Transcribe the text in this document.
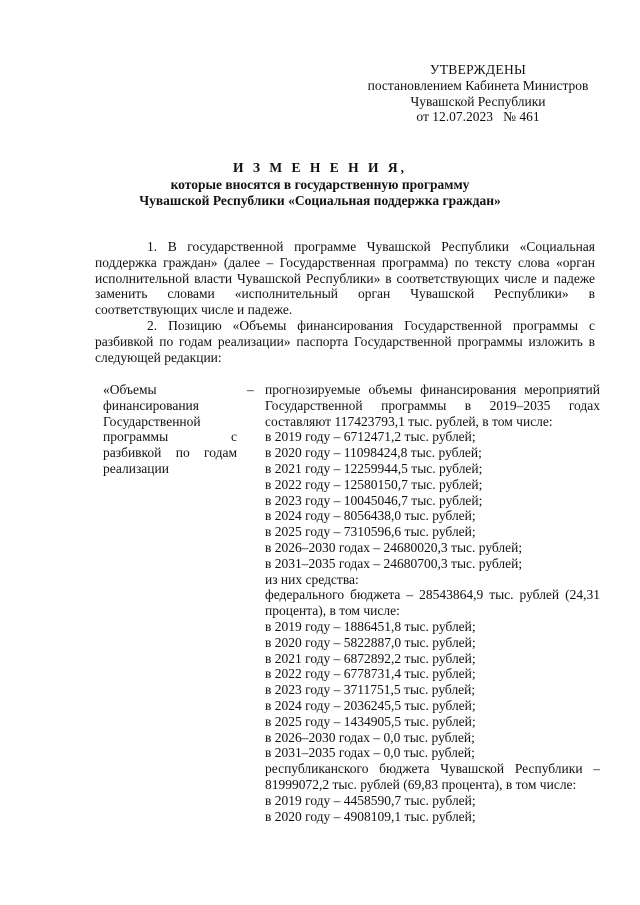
УТВЕРЖДЕНЫ
постановлением Кабинета Министров
Чувашской Республики
от 12.07.2023   № 461
И З М Е Н Е Н И Я,
которые вносятся в государственную программу
Чувашской Республики «Социальная поддержка граждан»

1. В государственной программе Чувашской Республики «Социальная поддержка граждан» (далее – Государственная программа) по тексту слова «орган исполнительной власти Чувашской Республики» в соответствующих числе и падеже заменить словами «исполнительный орган Чувашской Республики» в соответствующих числе и падеже.

2. Позицию «Объемы финансирования Государственной программы с разбивкой по годам реализации» паспорта Государственной программы изложить в следующей редакции:

«Объемы финансирования Государственной программы с разбивкой по годам реализации
– прогнозируемые объемы финансирования мероприятий Государственной программы в 2019–2035 годах составляют 117423793,1 тыс. рублей, в том числе:
в 2019 году – 6712471,2 тыс. рублей;
в 2020 году – 11098424,8 тыс. рублей;
в 2021 году – 12259944,5 тыс. рублей;
в 2022 году – 12580150,7 тыс. рублей;
в 2023 году – 10045046,7 тыс. рублей;
в 2024 году – 8056438,0 тыс. рублей;
в 2025 году – 7310596,6 тыс. рублей;
в 2026–2030 годах – 24680020,3 тыс. рублей;
в 2031–2035 годах – 24680700,3 тыс. рублей;
из них средства:
федерального бюджета – 28543864,9 тыс. рублей (24,31 процента), в том числе:
в 2019 году – 1886451,8 тыс. рублей;
в 2020 году – 5822887,0 тыс. рублей;
в 2021 году – 6872892,2 тыс. рублей;
в 2022 году – 6778731,4 тыс. рублей;
в 2023 году – 3711751,5 тыс. рублей;
в 2024 году – 2036245,5 тыс. рублей;
в 2025 году – 1434905,5 тыс. рублей;
в 2026–2030 годах – 0,0 тыс. рублей;
в 2031–2035 годах – 0,0 тыс. рублей;
республиканского бюджета Чувашской Республики – 81999072,2 тыс. рублей (69,83 процента), в том числе:
в 2019 году – 4458590,7 тыс. рублей;
в 2020 году – 4908109,1 тыс. рублей;
